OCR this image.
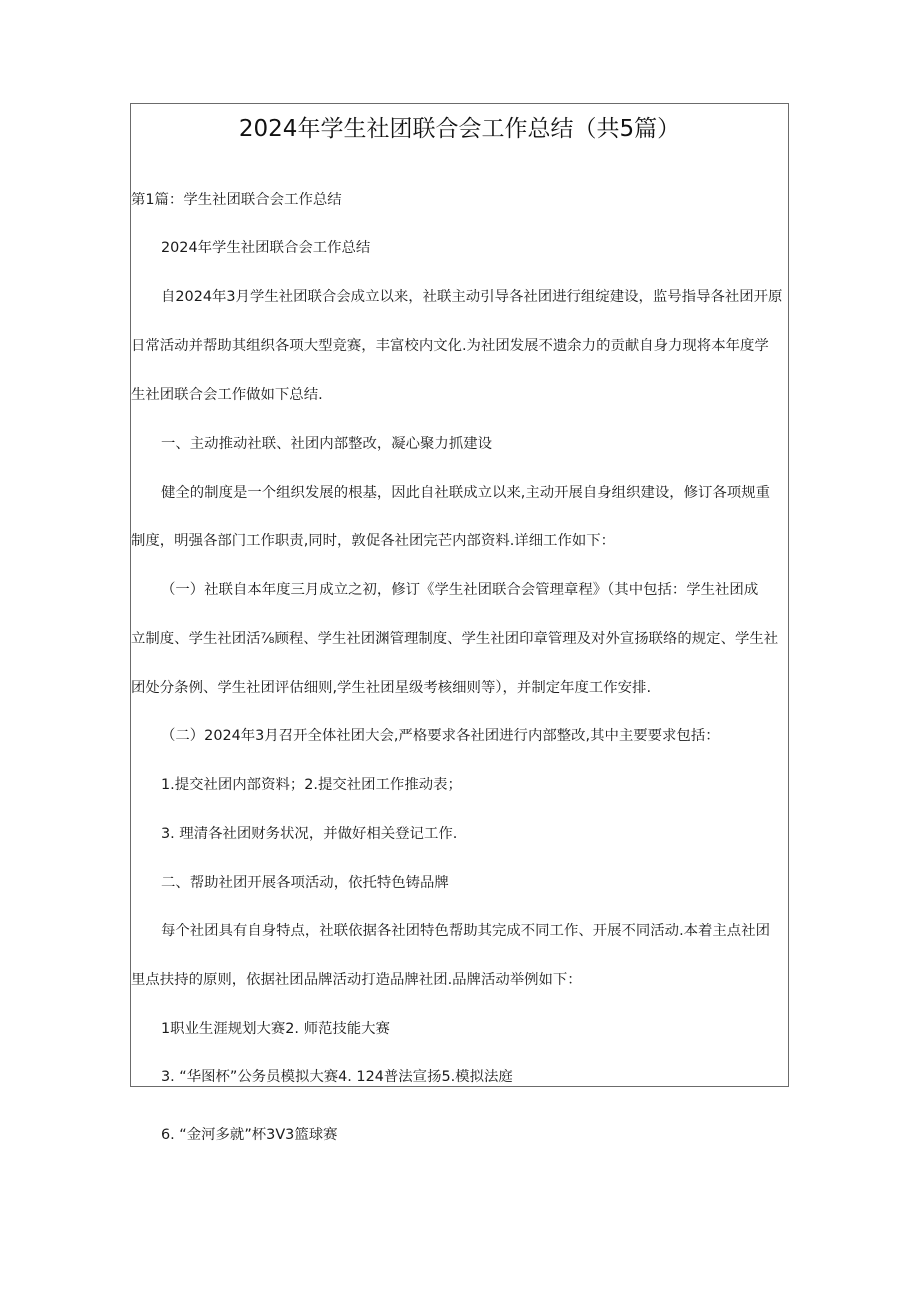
2024年学生社团联合会工作总结（共5篇）
第1篇：学生社团联合会工作总结
2024年学生社团联合会工作总结
自2024年3月学生社团联合会成立以来，社联主动引导各社团进行组绽建设，监号指导各社团开原
日常活动并帮助其组织各项大型竞赛，丰富校内文化.为社团发展不遗余力的贡献自身力现将本年度学
生社团联合会工作做如下总结.
一、主动推动社联、社团内部整改，凝心聚力抓建设
健全的制度是一个组织发展的根基，因此自社联成立以来,主动开展自身组织建设，修订各项规重
制度，明强各部门工作职责,同时，敦促各社团完芒内部资料.详细工作如下：
（一）社联自本年度三月成立之初，修订《学生社团联合会管理章程》（其中包括：学生社团成
立制度、学生社团活⅞顾程、学生社团渊管理制度、学生社团印章管理及对外宣扬联络的规定、学生社
团处分条例、学生社团评估细则,学生社团星级考核细则等），并制定年度工作安排.
（二）2024年3月召开全体社团大会,严格要求各社团进行内部整改,其中主要要求包括：
1.提交社团内部资料；2.提交社团工作推动表；
3. 理清各社团财务状况，并做好相关登记工作.
二、帮助社团开展各项活动，依托特色铸品牌
每个社团具有自身特点，社联依据各社团特色帮助其完成不同工作、开展不同活动.本着主点社团
里点扶持的原则，依据社团品牌活动打造品牌社团.品牌活动举例如下：
1职业生涯规划大赛2. 师范技能大赛
3. “华图杯”公务员模拟大赛4. 124普法宣扬5.模拟法庭
6. “金河多就”杯3V3篮球赛
